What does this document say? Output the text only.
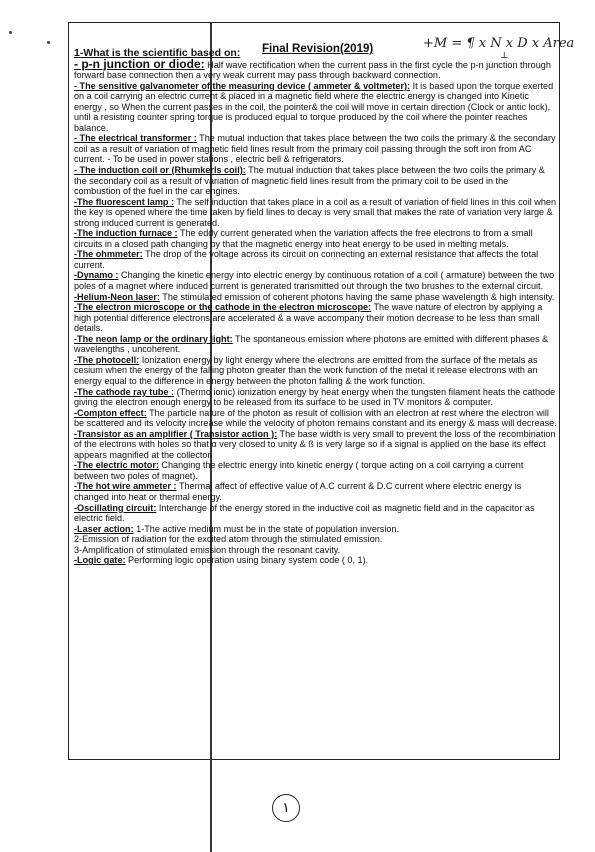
Final Revision(2019)	+M = ¶ x N x D x Area
⊥
1-What is the scientific based on:
- p-n junction or diode: Half wave rectification when the current pass in the first cycle the p-n junction through forward base connection then a very weak current may pass through backward connection.
- The sensitive galvanometer of the measuring device ( ammeter & voltmeter): It is based upon the torque exerted on a coil carrying an electric current & placed in a magnetic field where the electric energy is changed into Kinetic energy , so When the current passes in the coil, the pointer& the coil will move in certain direction (Clock or antic lock), until a resisting counter spring torque is produced equal to torque produced by the coil where the pointer reaches balance.
- The electrical transformer : The mutual induction that takes place between the two coils the primary & the secondary coil as a result of variation of magnetic field lines result from the primary coil passing through the soft iron from AC current. - To be used in power stations , electric bell & refrigerators.
- The induction coil or (Rhumkerls coil): The mutual induction that takes place between the two coils the primary & the secondary coil as a result of variation of magnetic field lines result from the primary coil to be used in the combustion of the fuel in the car engines.
-The fluorescent lamp : The self induction that takes place in a coil as a result of variation of field lines in this coil when the key is opened where the time taken by field lines to decay is very small that makes the rate of variation very large & strong induced current is generated.
-The induction furnace : The eddy current generated when the variation affects the free electrons to from a small circuits in a closed path changing by that the magnetic energy into heat energy to be used in melting metals.
-The ohmmeter: The drop of the voltage across its circuit on connecting an external resistance that affects the total current.
-Dynamo : Changing the kinetic energy into electric energy by continuous rotation of a coil ( armature) between the two poles of a magnet where induced current is generated transmitted out through the two brushes to the external circuit.
-Helium-Neon laser: The stimulated emission of coherent photons having the same phase wavelength & high intensity.
-The electron microscope or the cathode in the electron microscope: The wave nature of electron by applying a high potential difference electrons are accelerated & a wave accompany their motion decrease to be less than small details.
-The neon lamp or the ordinary light: The spontaneous emission where photons are emitted with different phases & wavelengths , uncoherent.
-The photocell: Ionization energy by light energy where the electrons are emitted from the surface of the metals as cesium when the energy of the falling photon greater than the work function of the metal it release electrons with an energy equal to the difference in energy between the photon falling & the work function.
-The cathode ray tube : (Thermo ionic) ionization energy by heat energy when the tungsten filament heats the cathode giving the electron enough energy to be released from its surface to be used in TV monitors & computer.
-Compton effect: The particle nature of the photon as result of collision with an electron at rest where the electron will be scattered and its velocity increase while the velocity of photon remains constant and its energy & mass will decrease.
-Transistor as an amplifier ( Transistor action ): The base width is very small to prevent the loss of the recombination of the electrons with holes so that α very closed to unity & ß is very large so if a signal is applied on the base its effect appears magnified at the collector.
-The electric motor: Changing the electric energy into kinetic energy ( torque acting on a coil carrying a current between two poles of magnet).
-The hot wire ammeter : Thermal affect of effective value of A.C current & D.C current where electric energy is changed into heat or thermal energy.
-Oscillating circuit: Interchange of the energy stored in the inductive coil as magnetic field and in the capacitor as electric field.
-Laser action: 1-The active medium must be in the state of population inversion.
2-Emission of radiation for the excited atom through the stimulated emission.
3-Amplification of stimulated emission through the resonant cavity.
-Logic gate: Performing logic operation using binary system code ( 0, 1).
١
